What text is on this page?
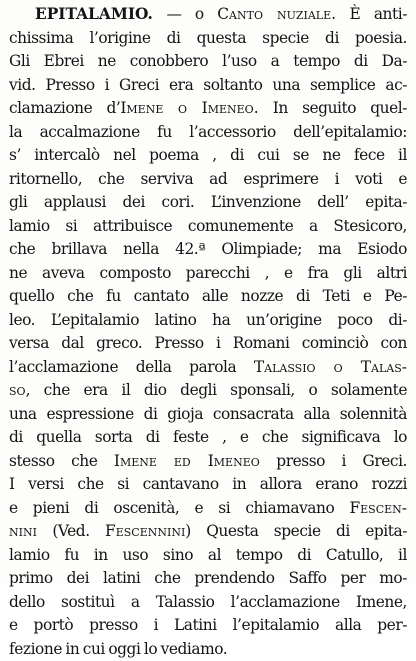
EPITALAMIO. — o Canto nuziale. È anti-
chissima l’origine di questa specie di poesia.
Gli Ebrei ne conobbero l’uso a tempo di Da-
vid. Presso i Greci era soltanto una semplice ac-
clamazione d’Imene o Imeneo. In seguito quel-
la accalmazione fu l’accessorio dell’epitalamio:
s’ intercalò nel poema , di cui se ne fece il
ritornello, che serviva ad esprimere i voti e
gli applausi dei cori. L’invenzione dell’ epita-
lamio si attribuisce comunemente a Stesicoro,
che brillava nella 42.ª Olimpiade; ma Esiodo
ne aveva composto parecchi , e fra gli altri
quello che fu cantato alle nozze di Teti e Pe-
leo. L’epitalamio latino ha un’origine poco di-
versa dal greco. Presso i Romani cominciò con
l’acclamazione della parola Talassio o Talas-
so, che era il dio degli sponsali, o solamente
una espressione di gioja consacrata alla solennità
di quella sorta di feste , e che significava lo
stesso che Imene ed Imeneo presso i Greci.
I versi che si cantavano in allora erano rozzi
e pieni di oscenità, e si chiamavano Fescen-
nini (Ved. Fescennini) Questa specie di epita-
lamio fu in uso sino al tempo di Catullo, il
primo dei latini che prendendo Saffo per mo-
dello sostituì a Talassio l’acclamazione Imene,
e portò presso i Latini l’epitalamio alla per-
fezione in cui oggi lo vediamo.
